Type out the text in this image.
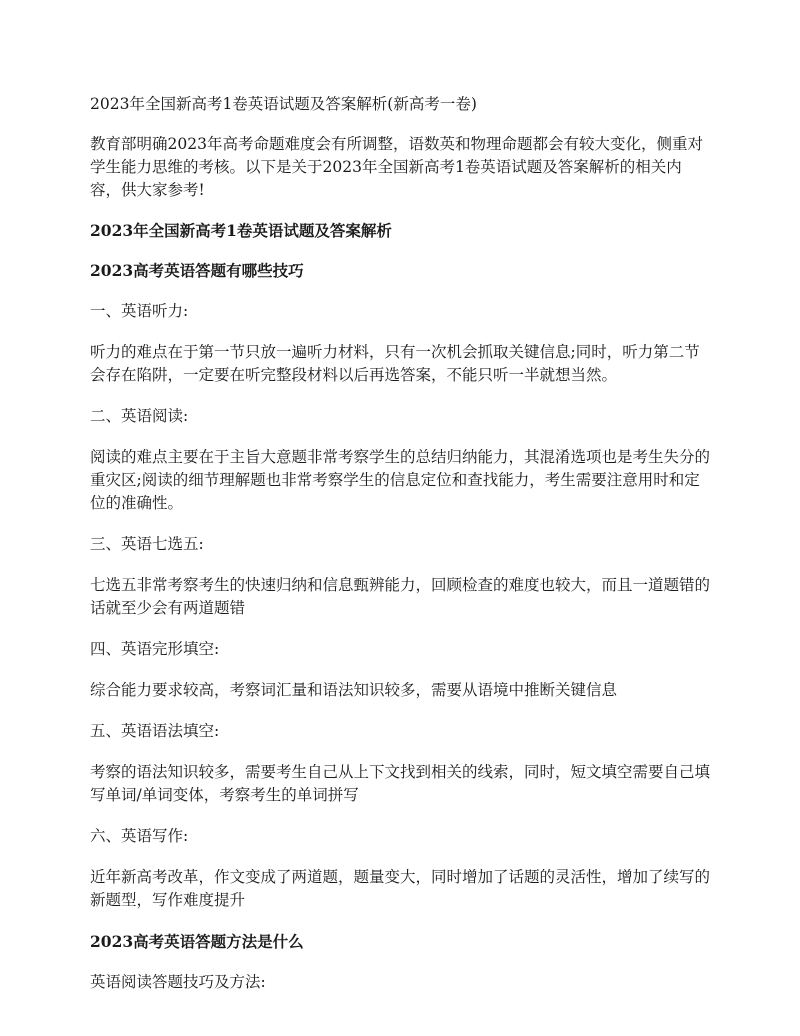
2023年全国新高考1卷英语试题及答案解析(新高考一卷)

教育部明确2023年高考命题难度会有所调整，语数英和物理命题都会有较大变化，侧重对学生能力思维的考核。以下是关于2023年全国新高考1卷英语试题及答案解析的相关内容，供大家参考!

2023年全国新高考1卷英语试题及答案解析

2023高考英语答题有哪些技巧

一、英语听力:

听力的难点在于第一节只放一遍听力材料，只有一次机会抓取关键信息;同时，听力第二节会存在陷阱，一定要在听完整段材料以后再选答案，不能只听一半就想当然。

二、英语阅读:

阅读的难点主要在于主旨大意题非常考察学生的总结归纳能力，其混淆选项也是考生失分的重灾区;阅读的细节理解题也非常考察学生的信息定位和查找能力，考生需要注意用时和定位的准确性。

三、英语七选五:

七选五非常考察考生的快速归纳和信息甄辨能力，回顾检查的难度也较大，而且一道题错的话就至少会有两道题错

四、英语完形填空:

综合能力要求较高，考察词汇量和语法知识较多，需要从语境中推断关键信息

五、英语语法填空:

考察的语法知识较多，需要考生自己从上下文找到相关的线索，同时，短文填空需要自己填写单词/单词变体，考察考生的单词拼写

六、英语写作:

近年新高考改革，作文变成了两道题，题量变大，同时增加了话题的灵活性，增加了续写的新题型，写作难度提升

2023高考英语答题方法是什么

英语阅读答题技巧及方法:
